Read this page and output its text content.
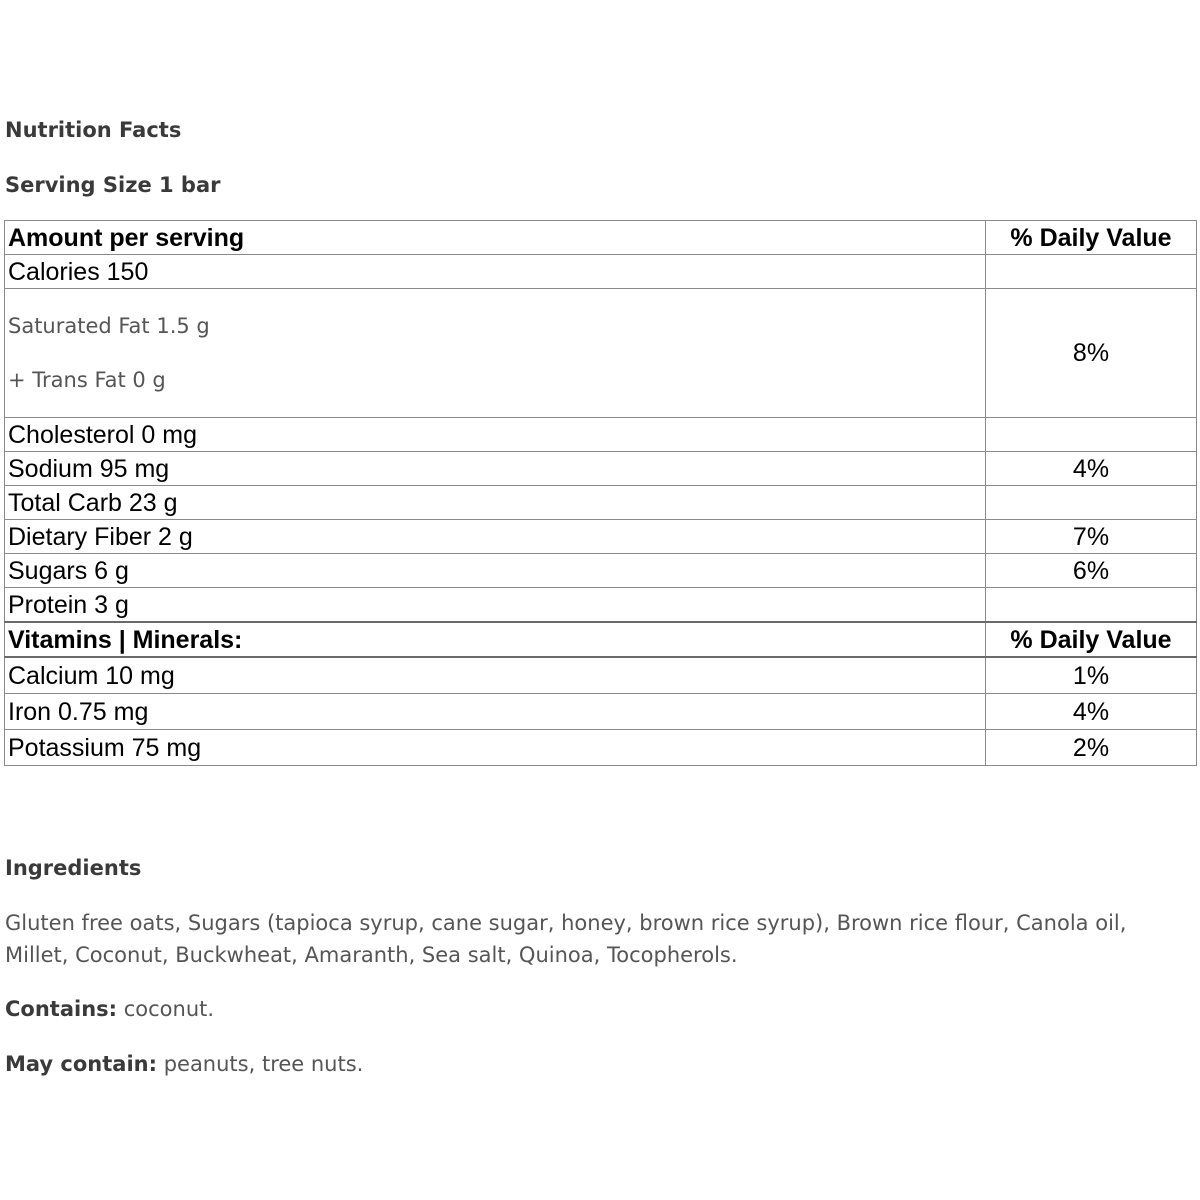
Nutrition Facts
Serving Size 1 bar
Amount per serving	% Daily Value
Calories 150	

Saturated Fat 1.5 g
+ Trans Fat 0 g	8%
Cholesterol 0 mg	
Sodium 95 mg	4%
Total Carb 23 g	
Dietary Fiber 2 g	7%
Sugars 6 g	6%
Protein 3 g	
Vitamins | Minerals:	% Daily Value
Calcium 10 mg	1%
Iron 0.75 mg	4%
Potassium 75 mg	2%
Ingredients

Gluten free oats, Sugars (tapioca syrup, cane sugar, honey, brown rice syrup), Brown rice flour, Canola oil, Millet, Coconut, Buckwheat, Amaranth, Sea salt, Quinoa, Tocopherols.

Contains: coconut.

May contain: peanuts, tree nuts.
